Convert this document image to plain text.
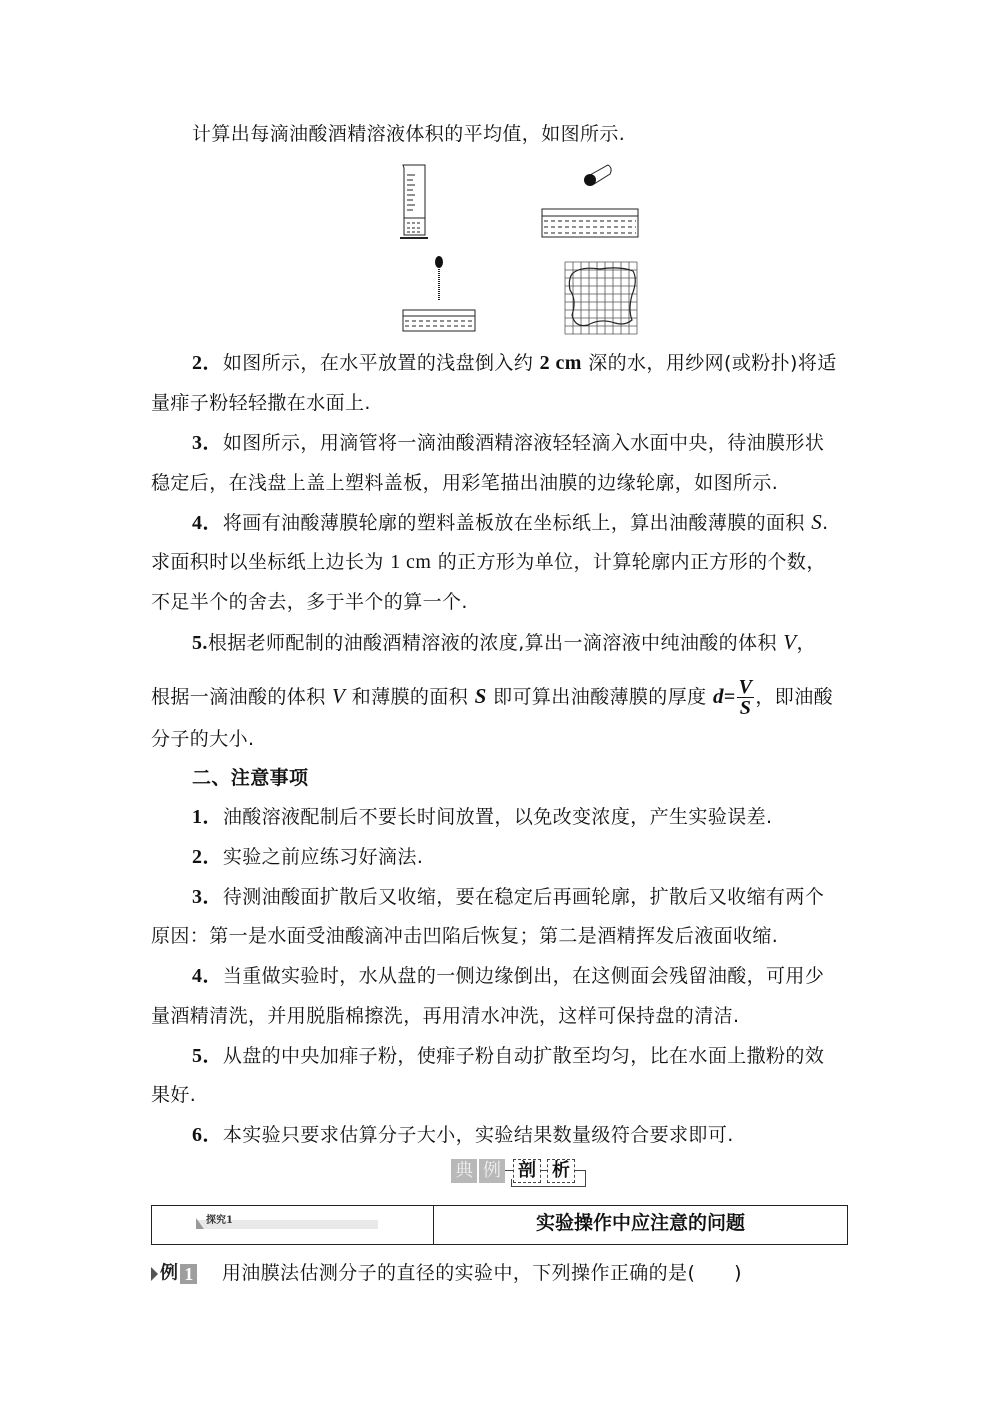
计算出每滴油酸酒精溶液体积的平均值，如图所示.
2．如图所示，在水平放置的浅盘倒入约 2 cm 深的水，用纱网(或粉扑)将适
量痱子粉轻轻撒在水面上.
3．如图所示，用滴管将一滴油酸酒精溶液轻轻滴入水面中央，待油膜形状
稳定后，在浅盘上盖上塑料盖板，用彩笔描出油膜的边缘轮廓，如图所示.
4．将画有油酸薄膜轮廓的塑料盖板放在坐标纸上，算出油酸薄膜的面积 S.
求面积时以坐标纸上边长为 1 cm 的正方形为单位，计算轮廓内正方形的个数，
不足半个的舍去，多于半个的算一个.
5.根据老师配制的油酸酒精溶液的浓度,算出一滴溶液中纯油酸的体积 V，
根据一滴油酸的体积 V 和薄膜的面积 S 即可算出油酸薄膜的厚度 $d= \frac{V}{S}$ ，即油酸
分子的大小.
二、注意事项
1．油酸溶液配制后不要长时间放置，以免改变浓度，产生实验误差.
2．实验之前应练习好滴法.
3．待测油酸面扩散后又收缩，要在稳定后再画轮廓，扩散后又收缩有两个
原因：第一是水面受油酸滴冲击凹陷后恢复；第二是酒精挥发后液面收缩.
4．当重做实验时，水从盘的一侧边缘倒出，在这侧面会残留油酸，可用少
量酒精清洗，并用脱脂棉擦洗，再用清水冲洗，这样可保持盘的清洁.
5．从盘的中央加痱子粉，使痱子粉自动扩散至均匀，比在水面上撒粉的效
果好.
6．本实验只要求估算分子大小，实验结果数量级符合要求即可.
典 例 剖 析
探究1	实验操作中应注意的问题
例 1 用油膜法估测分子的直径的实验中，下列操作正确的是(　　)
